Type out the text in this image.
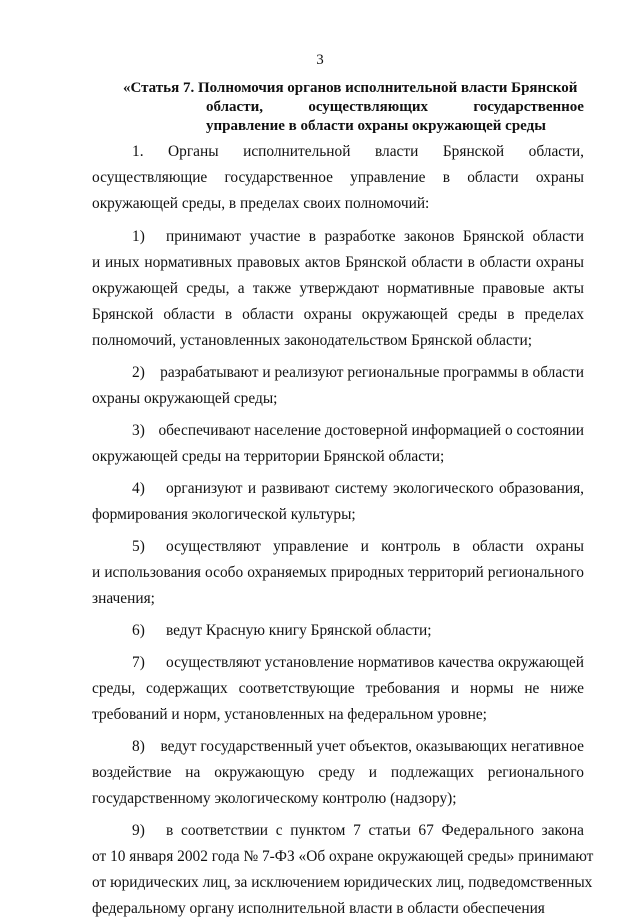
3
«Статья 7. Полномочия органов исполнительной власти Брянской
области,	осуществляющих	государственное
управление в области охраны окружающей среды
1. Органы исполнительной власти Брянской области,
осуществляющие государственное управление в области охраны
окружающей среды, в пределах своих полномочий:
1)	принимают участие в разработке законов Брянской области
и иных нормативных правовых актов Брянской области в области охраны
окружающей среды, а также утверждают нормативные правовые акты
Брянской области в области охраны окружающей среды в пределах
полномочий, установленных законодательством Брянской области;
2) разрабатывают и реализуют региональные программы в области
охраны окружающей среды;
3) обеспечивают население достоверной информацией о состоянии
окружающей среды на территории Брянской области;
4)	организуют и развивают систему экологического образования,
формирования экологической культуры;
5)	осуществляют управление и контроль в области охраны
и использования особо охраняемых природных территорий регионального
значения;
6)	ведут Красную книгу Брянской области;
7)	осуществляют установление нормативов качества окружающей
среды, содержащих соответствующие требования и нормы не ниже
требований и норм, установленных на федеральном уровне;
8)	ведут государственный учет объектов, оказывающих негативное
воздействие на окружающую среду и подлежащих регионального
государственному экологическому контролю (надзору);
9)	в соответствии с пунктом 7 статьи 67 Федерального закона
от 10 января 2002 года № 7-ФЗ «Об охране окружающей среды» принимают
от юридических лиц, за исключением юридических лиц, подведомственных
федеральному органу исполнительной власти в области обеспечения
